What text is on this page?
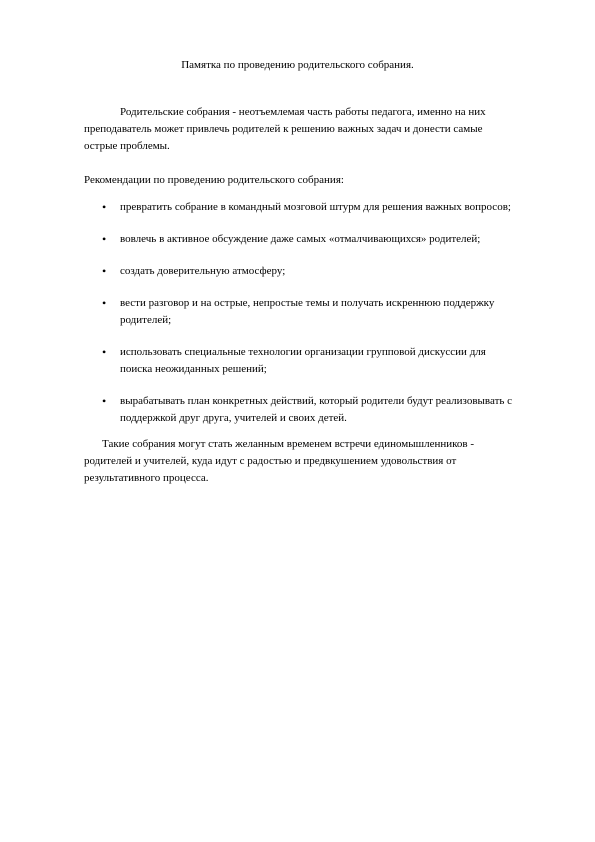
Памятка по проведению родительского собрания.

Родительские собрания - неотъемлемая часть работы педагога, именно на них преподаватель может привлечь родителей к решению важных задач и донести самые острые проблемы.

Рекомендации по проведению родительского собрания:

• превратить собрание в командный мозговой штурм для решения важных вопросов;
• вовлечь в активное обсуждение даже самых «отмалчивающихся» родителей;
• создать доверительную атмосферу;
• вести разговор и на острые, непростые темы и получать искреннюю поддержку родителей;
• использовать специальные технологии организации групповой дискуссии для поиска неожиданных решений;
• вырабатывать план конкретных действий, который родители будут реализовывать с поддержкой друг друга, учителей и своих детей.

Такие собрания могут стать желанным временем встречи единомышленников - родителей и учителей, куда идут с радостью и предвкушением удовольствия от результативного процесса.
